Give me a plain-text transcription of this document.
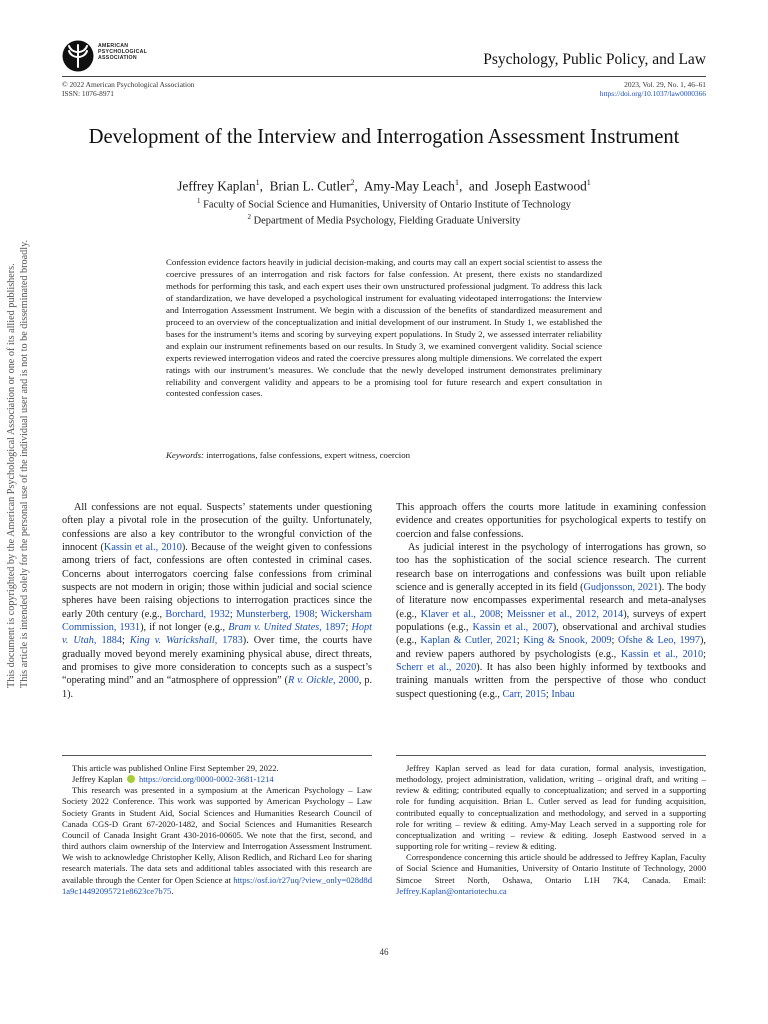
This document is copyrighted by the American Psychological Association or one of its allied publishers. This article is intended solely for the personal use of the individual user and is not to be disseminated broadly.
AMERICAN
PSYCHOLOGICAL
ASSOCIATION	Psychology, Public Policy, and Law
© 2022 American Psychological Association
ISSN: 1076-8971
2023, Vol. 29, No. 1, 46–61
https://doi.org/10.1037/law0000366
Development of the Interview and Interrogation Assessment Instrument
Jeffrey Kaplan$^1$,  Brian L. Cutler$^2$,  Amy-May Leach$^1$,  and  Joseph Eastwood$^1$
$^1$ Faculty of Social Science and Humanities, University of Ontario Institute of Technology
$^2$ Department of Media Psychology, Fielding Graduate University
Confession evidence factors heavily in judicial decision-making, and courts may call an expert social scientist to assess the coercive pressures of an interrogation and risk factors for false confession. At present, there exists no standardized methods for performing this task, and each expert uses their own unstructured professional judgment. To address this lack of standardization, we have developed a psychological instrument for evaluating videotaped interrogations: the Interview and Interrogation Assessment Instrument. We begin with a discussion of the benefits of standardized measurement and proceed to an overview of the conceptualization and initial development of our instrument. In Study 1, we established the bases for the instrument’s items and scoring by surveying expert populations. In Study 2, we assessed interrater reliability and explain our instrument refinements based on our results. In Study 3, we examined convergent validity. Social science experts reviewed interrogation videos and rated the coercive pressures along multiple dimensions. We correlated the expert ratings with our instrument’s measures. We conclude that the newly developed instrument demonstrates preliminary reliability and convergent validity and appears to be a promising tool for future research and expert consultation in contested confession cases.
Keywords: interrogations, false confessions, expert witness, coercion

All confessions are not equal. Suspects’ statements under questioning often play a pivotal role in the prosecution of the guilty. Unfortunately, confessions are also a key contributor to the wrongful conviction of the innocent (Kassin et al., 2010). Because of the weight given to confessions among triers of fact, confessions are often contested in criminal cases. Concerns about interrogators coercing false confessions from criminal suspects are not modern in origin; those within judicial and social science spheres have been raising objections to interrogation practices since the early 20th century (e.g., Borchard, 1932; Munsterberg, 1908; Wickersham Commission, 1931), if not longer (e.g., Bram v. United States, 1897; Hopt v. Utah, 1884; King v. Warickshall, 1783). Over time, the courts have gradually moved beyond merely examining physical abuse, direct threats, and promises to give more consideration to concepts such as a suspect’s “operating mind” and an “atmosphere of oppression” (R v. Oickle, 2000, p. 1).

This approach offers the courts more latitude in examining confession evidence and creates opportunities for psychological experts to testify on coercion and false confessions.

As judicial interest in the psychology of interrogations has grown, so too has the sophistication of the social science research. The current research base on interrogations and confessions was built upon reliable science and is generally accepted in its field (Gudjonsson, 2021). The body of literature now encompasses experimental research and meta-analyses (e.g., Klaver et al., 2008; Meissner et al., 2012, 2014), surveys of expert populations (e.g., Kassin et al., 2007), observational and archival studies (e.g., Kaplan & Cutler, 2021; King & Snook, 2009; Ofshe & Leo, 1997), and review papers authored by psychologists (e.g., Kassin et al., 2010; Scherr et al., 2020). It has also been highly informed by textbooks and training manuals written from the perspective of those who conduct suspect questioning (e.g., Carr, 2015; Inbau

This article was published Online First September 29, 2022.

Jeffrey Kaplan https://orcid.org/0000-0002-3681-1214

This research was presented in a symposium at the American Psychology – Law Society 2022 Conference. This work was supported by American Psychology – Law Society Grants in Student Aid, Social Sciences and Humanities Research Council of Canada CGS-D Grant 67-2020-1482, and Social Sciences and Humanities Research Council of Canada Insight Grant 430-2016-00605. We note that the first, second, and third authors claim ownership of the Interview and Interrogation Assessment Instrument. We wish to acknowledge Christopher Kelly, Alison Redlich, and Richard Leo for sharing research materials. The data sets and additional tables associated with this research are available through the Center for Open Science at https://osf.io/r27uq/?view_only=028d8d1a9c14492095721e8623ce7b75.

Jeffrey Kaplan served as lead for data curation, formal analysis, investigation, methodology, project administration, validation, writing – original draft, and writing – review & editing; contributed equally to conceptualization; and served in a supporting role for funding acquisition. Brian L. Cutler served as lead for funding acquisition, contributed equally to conceptualization and methodology, and served in a supporting role for writing – review & editing. Amy-May Leach served in a supporting role for conceptualization and writing – review & editing. Joseph Eastwood served in a supporting role for writing – review & editing.

Correspondence concerning this article should be addressed to Jeffrey Kaplan, Faculty of Social Science and Humanities, University of Ontario Institute of Technology, 2000 Simcoe Street North, Oshawa, Ontario L1H 7K4, Canada. Email: Jeffrey.Kaplan@ontariotechu.ca

46
